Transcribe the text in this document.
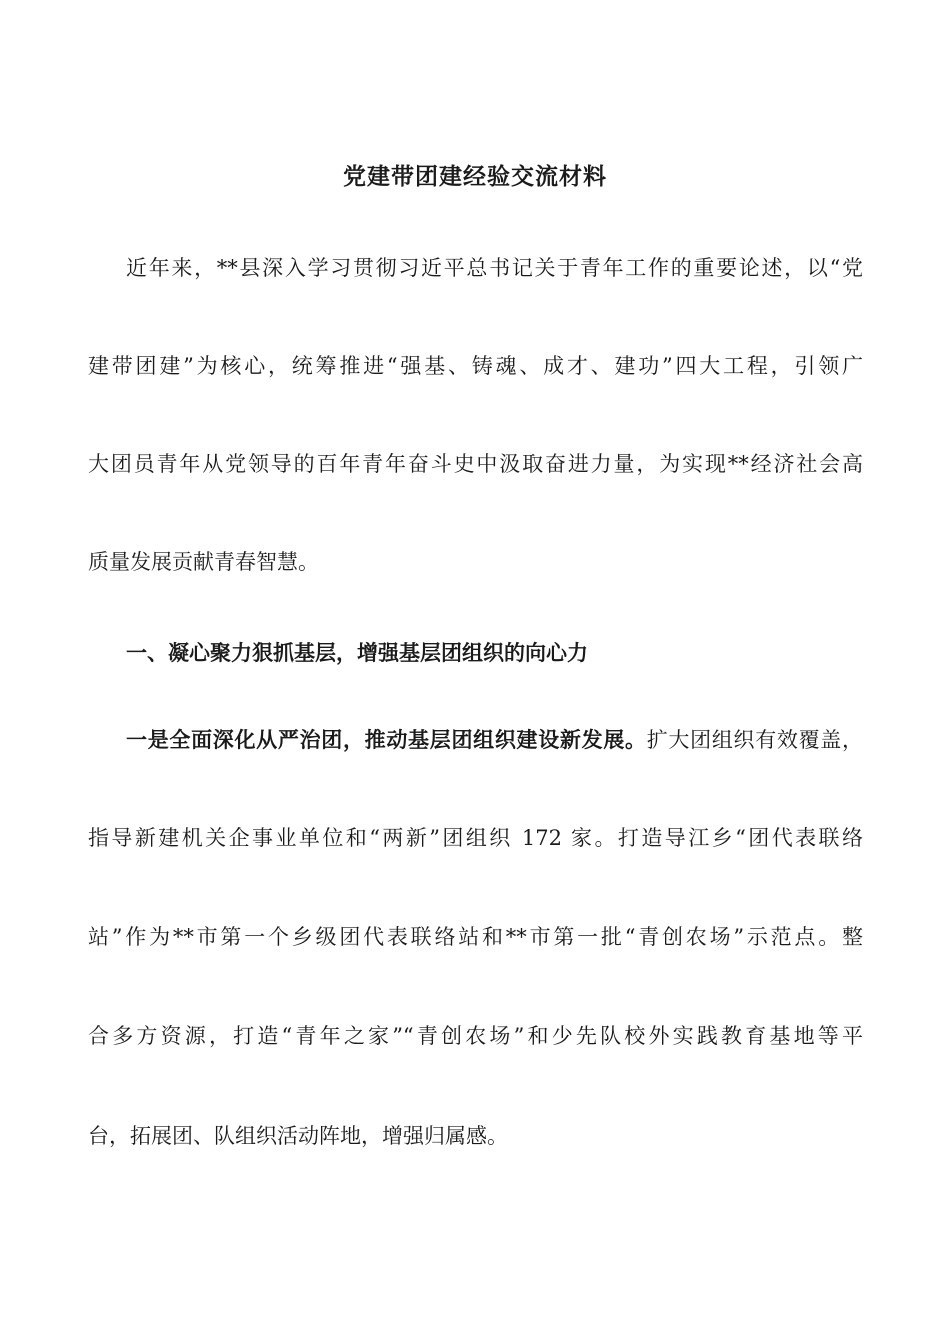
党建带团建经验交流材料
近年来，**县深入学习贯彻习近平总书记关于青年工作的重要论述，以“党
建带团建”为核心，统筹推进“强基、铸魂、成才、建功”四大工程，引领广
大团员青年从党领导的百年青年奋斗史中汲取奋进力量，为实现**经济社会高
质量发展贡献青春智慧。
一、凝心聚力狠抓基层，增强基层团组织的向心力
一是全面深化从严治团，推动基层团组织建设新发展。扩大团组织有效覆盖，
指导新建机关企事业单位和“两新”团组织 172 家。打造导江乡“团代表联络
站”作为**市第一个乡级团代表联络站和**市第一批“青创农场”示范点。整
合多方资源，打造“青年之家”“青创农场”和少先队校外实践教育基地等平
台，拓展团、队组织活动阵地，增强归属感。
